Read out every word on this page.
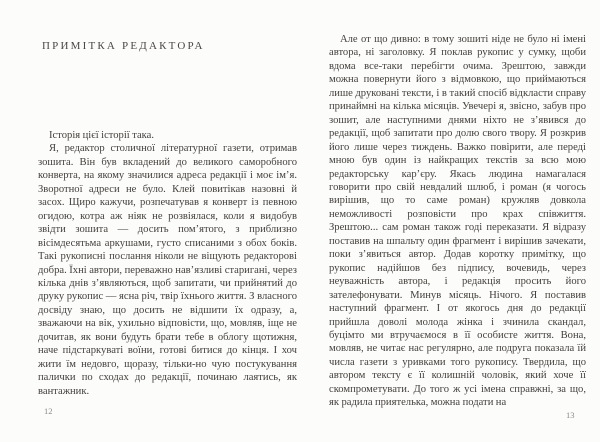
ПРИМІТКА РЕДАКТОРА

Історія цієї історії така.

Я, редактор столичної літературної газети, отримав зошита. Він був вкладений до великого саморобного конверта, на якому значилися адреса редакції і моє ім’я. Зворотної адреси не було. Клей повитікав назовні й засох. Щиро кажучи, розпечатував я конверт із певною огидою, котра аж ніяк не розвіялася, коли я видобув звідти зошита — досить пом’ятого, з приблизно вісімдесятьма аркушами, густо списаними з обох боків. Такі рукописні послання ніколи не віщують редакторові добра. Їхні автори, переважно нав’язливі старигані, через кілька днів з’являються, щоб запитати, чи прийнятий до друку рукопис — ясна річ, твір їхнього життя. З власного досвіду знаю, що досить не відшити їх одразу, а, зважаючи на вік, ухильно відповісти, що, мовляв, іще не дочитав, як вони будуть брати тебе в облогу щотижня, наче підстаркуваті воїни, готові битися до кінця. І хоч жити їм недовго, щоразу, тільки-но чую постукування палички по сходах до редакції, починаю лаятись, як вантажник.

Але от що дивно: в тому зошиті ніде не було ні імені автора, ні заголовку. Я поклав рукопис у сумку, щоби вдома все-таки перебігти очима. Зрештою, завжди можна повернути його з відмовкою, що приймаються лише друковані тексти, і в такий спосіб відкласти справу принаймні на кілька місяців. Увечері я, звісно, забув про зошит, але наступними днями ніхто не з’явився до редакції, щоб запитати про долю свого твору. Я розкрив його лише через тиждень. Важко повірити, але переді мною був один із найкращих текстів за всю мою редакторську кар’єру. Якась людина намагалася говорити про свій невдалий шлюб, і роман (я чогось вирішив, що то саме роман) кружляв довкола неможливості розповісти про крах співжиття. Зрештою... сам роман також годі переказати. Я відразу поставив на шпальту один фрагмент і вирішив зачекати, поки з’явиться автор. Додав коротку примітку, що рукопис надійшов без підпису, вочевидь, через неуважність автора, і редакція просить його зателефонувати. Минув місяць. Нічого. Я поставив наступний фрагмент. І от якогось дня до редакції прийшла доволі молода жінка і зчинила скандал, буцімто ми втручаємося в її особисте життя. Вона, мовляв, не читає нас регулярно, але подруга показала їй числа газети з уривками того рукопису. Твердила, що автором тексту є її колишній чоловік, який хоче її скомпрометувати. До того ж усі імена справжні, за що, як радила приятелька, можна подати на

12	13
